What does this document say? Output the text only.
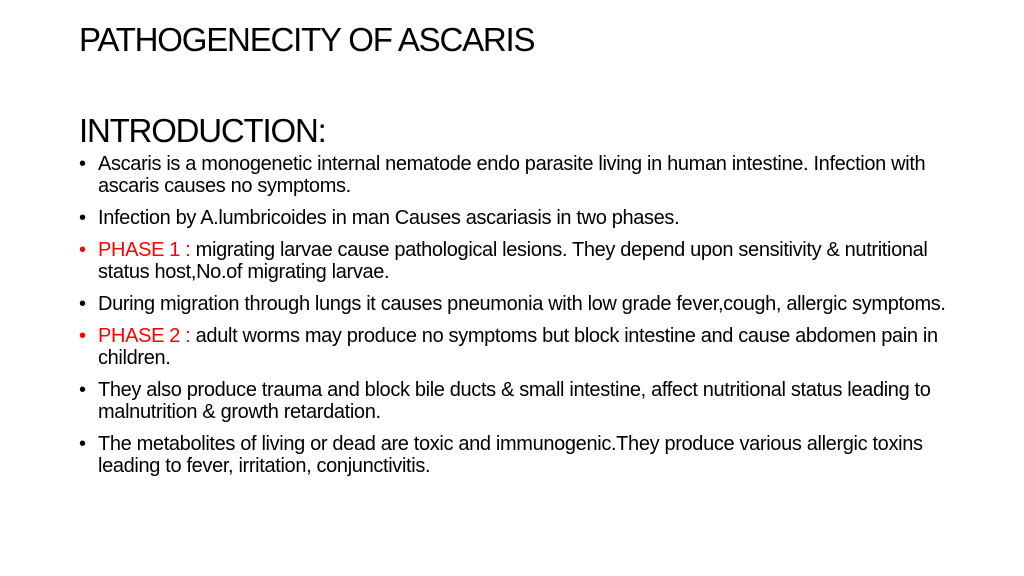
PATHOGENECITY OF ASCARIS
INTRODUCTION:
• Ascaris is a monogenetic internal nematode endo parasite living in human intestine. Infection with ascaris causes no symptoms.
• Infection by A.lumbricoides in man Causes ascariasis in two phases.
• PHASE 1 : migrating larvae cause pathological lesions. They depend upon sensitivity & nutritional status host,No.of migrating larvae.
• During migration through lungs it causes pneumonia with low grade fever,cough, allergic symptoms.
• PHASE 2 : adult worms may produce no symptoms but block intestine and cause abdomen pain in children.
• They also produce trauma and block bile ducts & small intestine, affect nutritional status leading to malnutrition & growth retardation.
• The metabolites of living or dead are toxic and immunogenic.They produce various allergic toxins leading to fever, irritation, conjunctivitis.
